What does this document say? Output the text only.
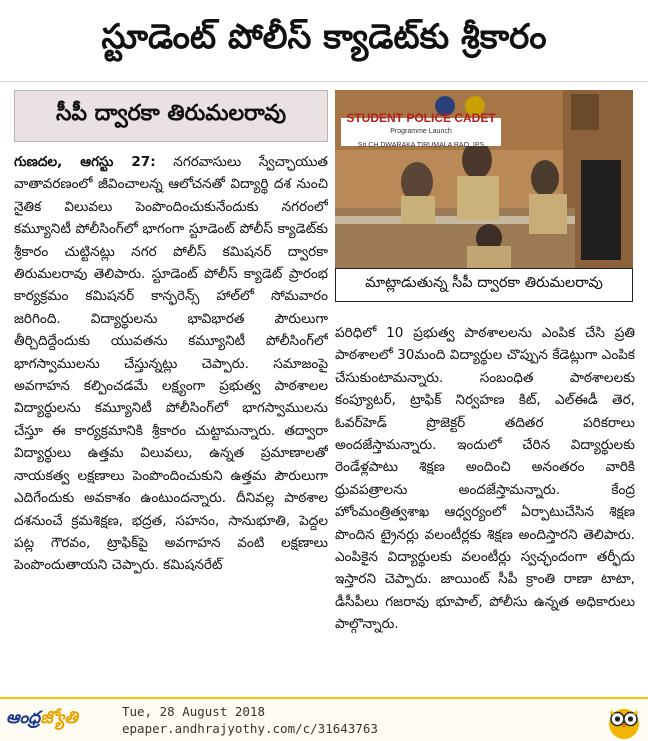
స్టూడెంట్ పోలీస్ క్యాడెట్‌కు శ్రీకారం
సీపీ ద్వారకా తిరుమలరావు
గుణదల, ఆగస్టు 27: నగరవాసులు స్వేచ్ఛాయుత వాతావరణంలో జీవించాలన్న ఆలోచనతో విద్యార్థి దశ నుంచి నైతిక విలువలు పెంపొందించుకునేందుకు నగరంలో కమ్యూనిటీ పోలీసింగ్‌లో భాగంగా స్టూడెంట్ పోలీస్ క్యాడెట్‌కు శ్రీకారం చుట్టినట్లు నగర పోలీస్ కమిషనర్ ద్వారకా తిరుమలరావు తెలిపారు. స్టూడెంట్ పోలీస్ క్యాడెట్ ప్రారంభ కార్యక్రమం కమిషనర్ కాన్ఫరెన్స్ హాల్‌లో సోమవారం జరిగింది. విద్యార్థులను భావిభారత పౌరులుగా తీర్చిదిద్దేందుకు యువతను కమ్యూనిటీ పోలీసింగ్‌లో భాగస్వాములను చేస్తున్నట్లు చెప్పారు. సమాజంపై అవగాహన కల్పించడమే లక్ష్యంగా ప్రభుత్వ పాఠశాలల విద్యార్థులను కమ్యూనిటీ పోలీసింగ్‌లో భాగస్వాములను చేస్తూ ఈ కార్యక్రమానికి శ్రీకారం చుట్టామన్నారు. తద్వారా విద్యార్థులు ఉత్తమ విలువలు, ఉన్నత ప్రమాణాలతో నాయకత్వ లక్షణాలు పెంపొందించుకుని ఉత్తమ పౌరులుగా ఎదిగేందుకు అవకాశం ఉంటుందన్నారు. దీనివల్ల పాఠశాల దశనుంచే క్రమశిక్షణ, భద్రత, సహనం, సానుభూతి, పెద్దల పట్ల గౌరవం, ట్రాఫిక్‌పై అవగాహన వంటి లక్షణాలు పెంపొందుతాయని చెప్పారు. కమిషనరేట్
STUDENT POLICE CADET
Programme Launch
Sri CH.DWARAKA TIRUMALA RAO, IPS
మాట్లాడుతున్న సీపీ ద్వారకా తిరుమలరావు
పరిధిలో 10 ప్రభుత్వ పాఠశాలలను ఎంపిక చేసి ప్రతి పాఠశాలలో 30మంది విద్యార్థుల చొప్పున కేడెట్లుగా ఎంపిక చేసుకుంటామన్నారు. సంబంధిత పాఠశాలలకు కంప్యూటర్, ట్రాఫిక్ నిర్వహణ కిట్, ఎల్‌ఈడీ తెర, ఓవర్‌హెడ్ ప్రొజెక్టర్ తదితర పరికరాలు అందజేస్తామన్నారు. ఇందులో చేరిన విద్యార్థులకు రెండేళ్లపాటు శిక్షణ అందించి అనంతరం వారికి ధ్రువపత్రాలను అందజేస్తామన్నారు. కేంద్ర హోంమంత్రిత్వశాఖ ఆధ్వర్యంలో ఏర్పాటుచేసిన శిక్షణ పొందిన ట్రైనర్లు వలంటీర్లకు శిక్షణ అందిస్తారని తెలిపారు. ఎంపికైన విద్యార్థులకు వలంటీర్లు స్వచ్ఛందంగా తర్ఫీదు ఇస్తారని చెప్పారు. జాయింట్ సీపీ క్రాంతి రాణా టాటా, డీసీపీలు గజరావు భూపాల్, పోలీసు ఉన్నత అధికారులు పాల్గొన్నారు.
ఆంధ్ర జ్యోతి	Tue, 28 August 2018
epaper.andhrajyothy.com/c/31643763
